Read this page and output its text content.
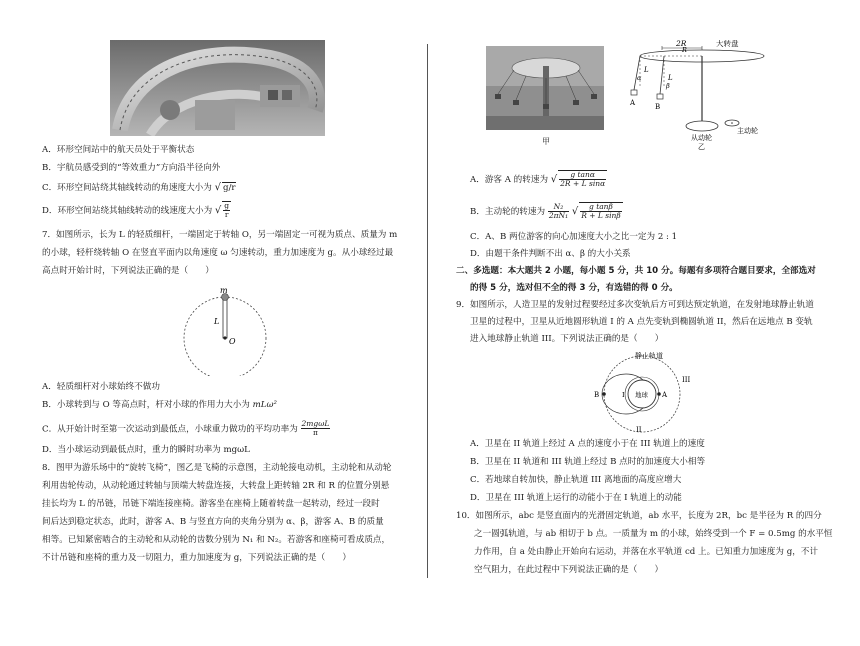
A．环形空间站中的航天员处于平衡状态
B．宇航员感受到的“等效重力”方向沿半径向外
C．环形空间站绕其轴线转动的角速度大小为 √ g/r
D．环形空间站绕其轴线转动的线速度大小为 √ $\frac{g}{r}$
7．如图所示，长为 L 的轻质细杆，一端固定于转轴 O，另一端固定一可视为质点、质量为 m
的小球，轻杆绕转轴 O 在竖直平面内以角速度 ω 匀速转动，重力加速度为 g。从小球经过最
高点时开始计时，下列说法正确的是（　　）
m
L
O
A．轻质细杆对小球始终不做功
B．小球转到与 O 等高点时，杆对小球的作用力大小为 mLω²
C．从开始计时至第一次运动到最低点，小球重力做功的平均功率为 $\frac{\text{2mgωL}}{\pi}$
D．当小球运动到最低点时，重力的瞬时功率为 mgωL
8．图甲为游乐场中的“旋转飞椅”，图乙是飞椅的示意图，主动轮接电动机，主动轮和从动轮
利用齿轮传动，从动轮通过转轴与顶端大转盘连接，大转盘上距转轴 2R 和 R 的位置分别悬
挂长均为 L 的吊链，吊链下端连接座椅。游客坐在座椅上随着转盘一起转动，经过一段时
间后达到稳定状态，此时，游客 A、B 与竖直方向的夹角分别为 α、β，游客 A、B 的质量
相等。已知紧密啮合的主动轮和从动轮的齿数分别为 N₁ 和 N₂。若游客和座椅可看成质点，
不计吊链和座椅的重力及一切阻力，重力加速度为 g，下列说法正确的是（　　）
甲
2R	大转盘
L
L
α
β
A	B
R
从动轮
主动轮
乙
A．游客 A 的转速为 √ $\frac{\text{g tanα}}{\text{2R + L sinα}}$
B．主动轮的转速为 $\frac{\text{N₂}}{\text{2πN₁}}$ √ $\frac{\text{g tanβ}}{\text{R + L sinβ}}$
C．A、B 两位游客的向心加速度大小之比一定为 2 : 1
D．由题干条件判断不出 α、β 的大小关系
二、多选题：本大题共 2 小题，每小题 5 分，共 10 分。每题有多项符合题目要求，全部选对
的得 5 分，选对但不全的得 3 分，有选错的得 0 分。
9．如图所示，人造卫星的发射过程要经过多次变轨后方可到达预定轨道，在发射地球静止轨道
卫星的过程中，卫星从近地圆形轨道 I 的 A 点先变轨到椭圆轨道 II，然后在远地点 B 变轨
进入地球静止轨道 III。下列说法正确的是（　　）
静止轨道
地球
B	A
I
III
II
A．卫星在 II 轨道上经过 A 点的速度小于在 III 轨道上的速度
B．卫星在 II 轨道和 III 轨道上经过 B 点时的加速度大小相等
C．若地球自转加快，静止轨道 III 离地面的高度应增大
D．卫星在 III 轨道上运行的动能小于在 I 轨道上的动能
10．如图所示，abc 是竖直面内的光滑固定轨道，ab 水平，长度为 2R，bc 是半径为 R 的四分
之一圆弧轨道，与 ab 相切于 b 点。一质量为 m 的小球，始终受到一个 F = 0.5mg 的水平恒
力作用，自 a 处由静止开始向右运动，并落在水平轨道 cd 上。已知重力加速度为 g，不计
空气阻力，在此过程中下列说法正确的是（　　）
